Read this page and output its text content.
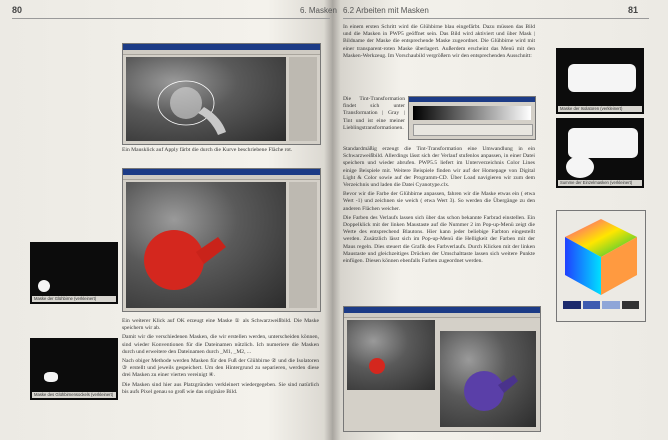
80	6. Masken
Ein Mausklick auf Apply färbt die durch die Kurve beschriebene Fläche rot.
Maske der Glühbirne (verkleinert)
Maske des Glühbirnensockels (verkleinert)

Ein weiterer Klick auf OK erzeugt eine Maske ① als Schwarzweißbild. Die Maske speichern wir ab.

Damit wir die verschiedenen Masken, die wir erstellen werden, unterscheiden können, sind wieder Konventionen für die Dateinamen nützlich. Ich numeriere die Masken durch und erweitere den Dateinamen durch _M1, _M2, ...

Nach obiger Methode werden Masken für den Fuß der Glühbirne ② und die Isolatoren ③ erstellt und jeweils gespeichert. Um den Hintergrund zu separieren, werden diese drei Masken zu einer vierten vereinigt ④.

Die Masken sind hier aus Platzgründen verkleinert wiedergegeben. Sie sind natürlich bis aufs Pixel genau so groß wie das originäre Bild.

6.2 Arbeiten mit Masken	81
In einem ersten Schritt wird die Glühbirne blau eingefärbt. Dazu müssen das Bild und die Masken in PWP5 geöffnet sein. Das Bild wird aktiviert und über Mask | Bildname der Maske die entsprechende Maske zugeordnet. Die Glühbirne wird mit einer transparent-roten Maske überlagert. Außerdem erscheint das Menü mit den Masken-Werkzeug. Im Vorschaubild vergrößern wir den entsprechenden Ausschnitt:
Die Tint-Transformation findet sich unter Transformation | Gray | Tint und ist eine meiner Lieblingstransformationen.

Standardmäßig erzeugt die Tint-Transformation eine Umwandlung in ein Schwarzweißbild. Allerdings lässt sich der Verlauf stufenlos anpassen, in einer Datei speichern und wieder abrufen. PWP5.5 liefert im Unterverzeichnis Color Lines einige Beispiele mit. Weitere Beispiele finden wir auf der Homepage von Digital Light & Color sowie auf der Programm-CD. Über Load navigieren wir zum dem Verzeichnis und laden die Datei Cyanotype.clx.

Bevor wir die Farbe der Glühbirne anpassen, fahren wir die Maske etwas ein ( etwa Wert -1) und zeichnen sie weich ( etwa Wert 3). So werden die Übergänge zu den anderen Flächen weicher.

Die Farben des Verlaufs lassen sich über das schon bekannte Farbrad einstellen. Ein Doppelklick mit der linken Maustaste auf die Nummer 2 im Pop-up-Menü zeigt die Werte des entsprechend Blautons. Hier kann jeder beliebige Farbton eingestellt werden. Zusätzlich lässt sich im Pop-up-Menü die Helligkeit der Farben mit der Maus regeln. Dies steuert die Grafik des Farbverlaufs. Durch Klicken mit der linken Maustaste und gleichzeitiges Drücken der Umschalttaste lassen sich weitere Punkte einfügen. Diesen können ebenfalls Farben zugeordnet werden.

Maske der Isolatoren (verkleinert)
Summe der Einzelmasken (verkleinert)
